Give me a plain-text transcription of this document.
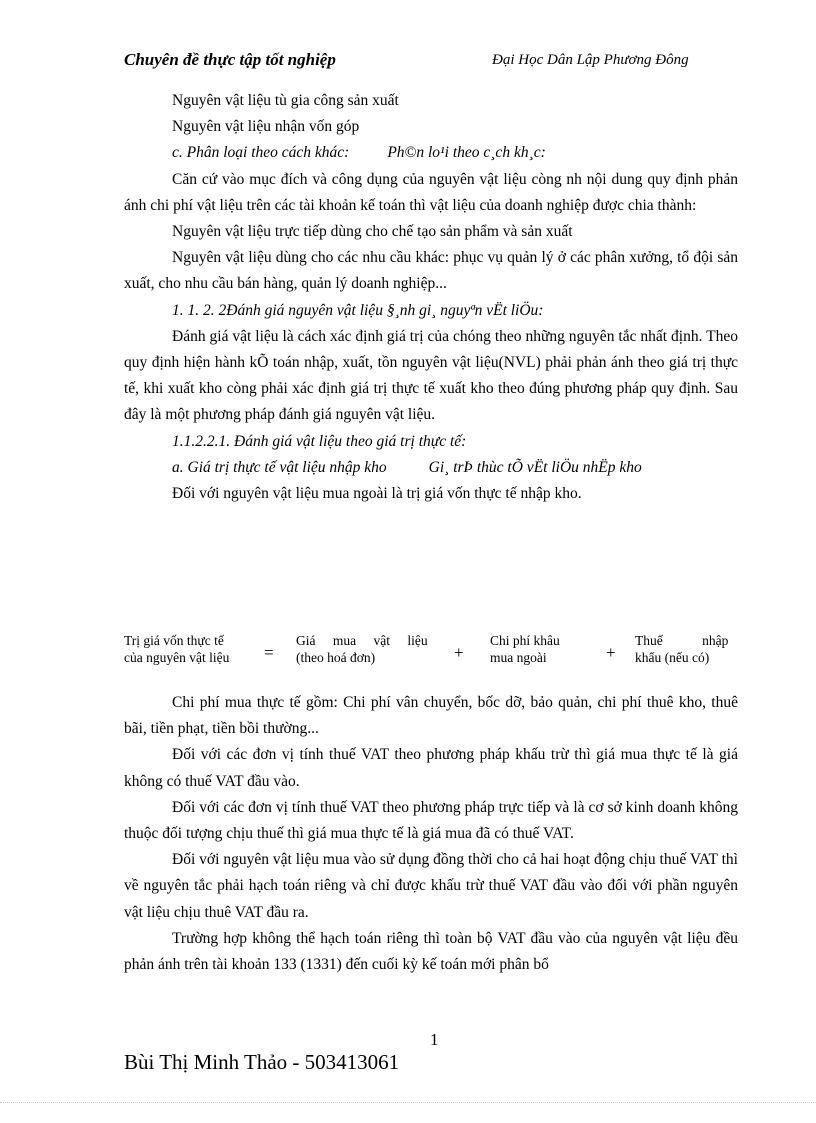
Chuyên đề thực tập tốt nghiệp	Đại Học Dân Lập Phương Đông

Nguyên vật liệu tù gia công sản xuất

Nguyên vật liệu nhận vốn góp

c. Phân loại theo cách khác: Ph©n lo¹i theo c¸ch kh¸c:

Căn cứ vào mục đích và công dụng của nguyên vật liệu còng nh nội dung quy định phản ánh chi phí vật liệu trên các tài khoản kế toán thì vật liệu của doanh nghiệp được chia thành:

Nguyên vật liệu trực tiếp dùng cho chế tạo sản phẩm và sản xuất

Nguyên vật liệu dùng cho các nhu cầu khác: phục vụ quản lý ở các phân xưởng, tổ đội sản xuất, cho nhu cầu bán hàng, quản lý doanh nghiệp...

1. 1. 2. 2Đánh giá nguyên vật liệu §¸nh gi¸ nguyªn vËt liÖu:

Đánh giá vật liệu là cách xác định giá trị của chóng theo những nguyên tắc nhất định. Theo quy định hiện hành kÕ toán nhập, xuất, tồn nguyên vật liệu(NVL) phải phản ánh theo giá trị thực tế, khi xuất kho còng phải xác định giá trị thực tế xuất kho theo đúng phương pháp quy định. Sau đây là một phương pháp đánh giá nguyên vật liệu.

1.1.2.2.1. Đánh giá vật liệu theo giá trị thực tế:

a. Giá trị thực tế vật liệu nhập kho	Gi¸ trÞ thùc tÕ vËt liÖu nhËp kho

Đối với nguyên vật liệu mua ngoài là trị giá vốn thực tế nhập kho.

Trị giá vốn thực tế
của nguyên vật liệu	=
Giá mua vật liệu
(theo hoá đơn)	+
Chi phí khâu
mua ngoài	+
Thuế nhập
khẩu (nếu có)

Chi phí mua thực tế gồm: Chi phí vân chuyển, bốc dỡ, bảo quản, chi phí thuê kho, thuê bãi, tiền phạt, tiền bồi thường...

Đối với các đơn vị tính thuế VAT theo phương pháp khấu trừ thì giá mua thực tế là giá không có thuế VAT đầu vào.

Đối với các đơn vị tính thuế VAT theo phương pháp trực tiếp và là cơ sở kinh doanh không thuộc đối tượng chịu thuế thì giá mua thực tế là giá mua đã có thuế VAT.

Đối với nguyên vật liệu mua vào sử dụng đồng thời cho cả hai hoạt động chịu thuế VAT thì về nguyên tắc phải hạch toán riêng và chỉ được khấu trừ thuế VAT đầu vào đối với phần nguyên vật liệu chịu thuê VAT đầu ra.

Trường hợp không thể hạch toán riêng thì toàn bộ VAT đầu vào của nguyên vật liệu đều phản ánh trên tài khoản 133 (1331) đến cuối kỳ kế toán mới phân bổ

1
Bùi Thị Minh Thảo - 503413061
